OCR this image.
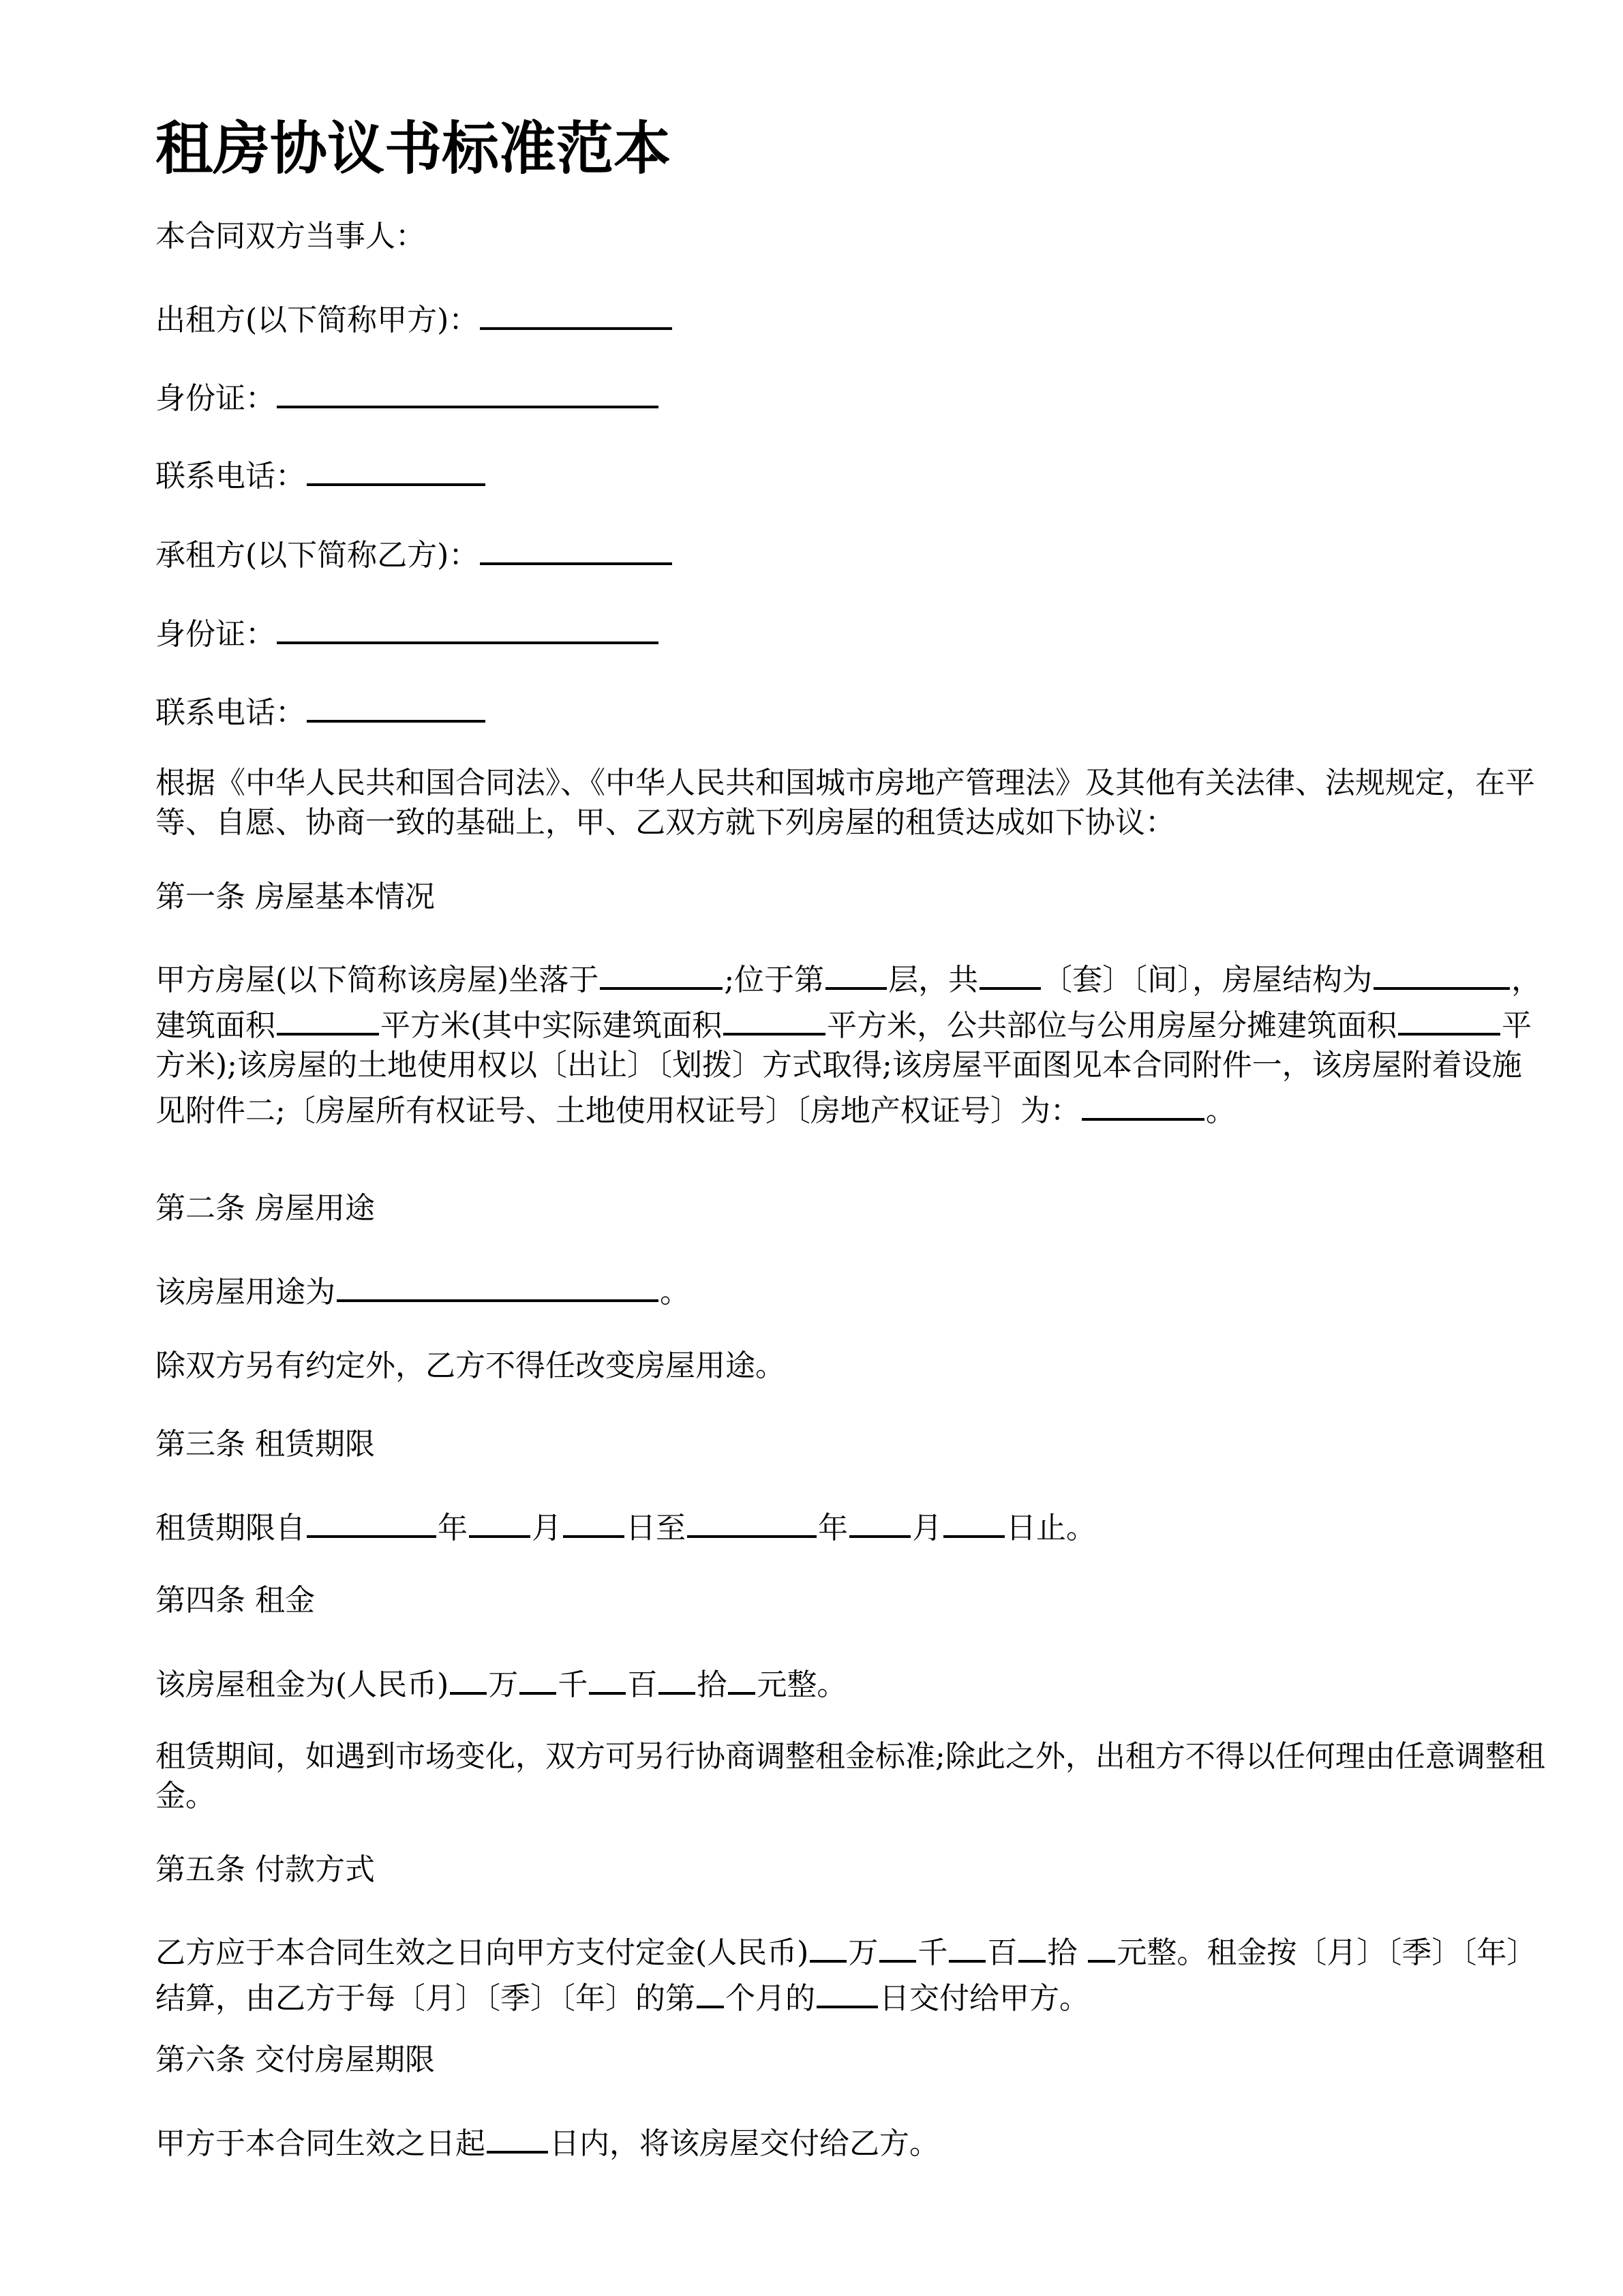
租房协议书标准范本

本合同双方当事人：

出租方(以下简称甲方)：

身份证：

联系电话：

承租方(以下简称乙方)：

身份证：

联系电话：

根据《中华人民共和国合同法》、《中华人民共和国城市房地产管理法》及其他有关法律、法规规定，在平等、自愿、协商一致的基础上，甲、乙双方就下列房屋的租赁达成如下协议：

第一条 房屋基本情况

甲方房屋(以下简称该房屋)坐落于	;位于第 层，共 〔套〕〔间〕，房屋结构为	，建筑面积	平方米(其中实际建筑面积	平方米，公共部位与公用房屋分摊建筑面积	平方米);该房屋的土地使用权以〔出让〕〔划拨〕方式取得;该房屋平面图见本合同附件一，该房屋附着设施见附件二;〔房屋所有权证号、土地使用权证号〕〔房地产权证号〕为：	。

第二条 房屋用途

该房屋用途为	。

除双方另有约定外，乙方不得任改变房屋用途。

第三条 租赁期限

租赁期限自	年 月 日至	年 月 日止。

第四条 租金

该房屋租金为(人民币) 万 千 百 拾 元整。

租赁期间，如遇到市场变化，双方可另行协商调整租金标准;除此之外，出租方不得以任何理由任意调整租金。

第五条 付款方式

乙方应于本合同生效之日向甲方支付定金(人民币) 万 千 百 拾 元整。租金按〔月〕〔季〕〔年〕结算，由乙方于每〔月〕〔季〕〔年〕的第 个月的 日交付给甲方。

第六条 交付房屋期限

甲方于本合同生效之日起 日内，将该房屋交付给乙方。
